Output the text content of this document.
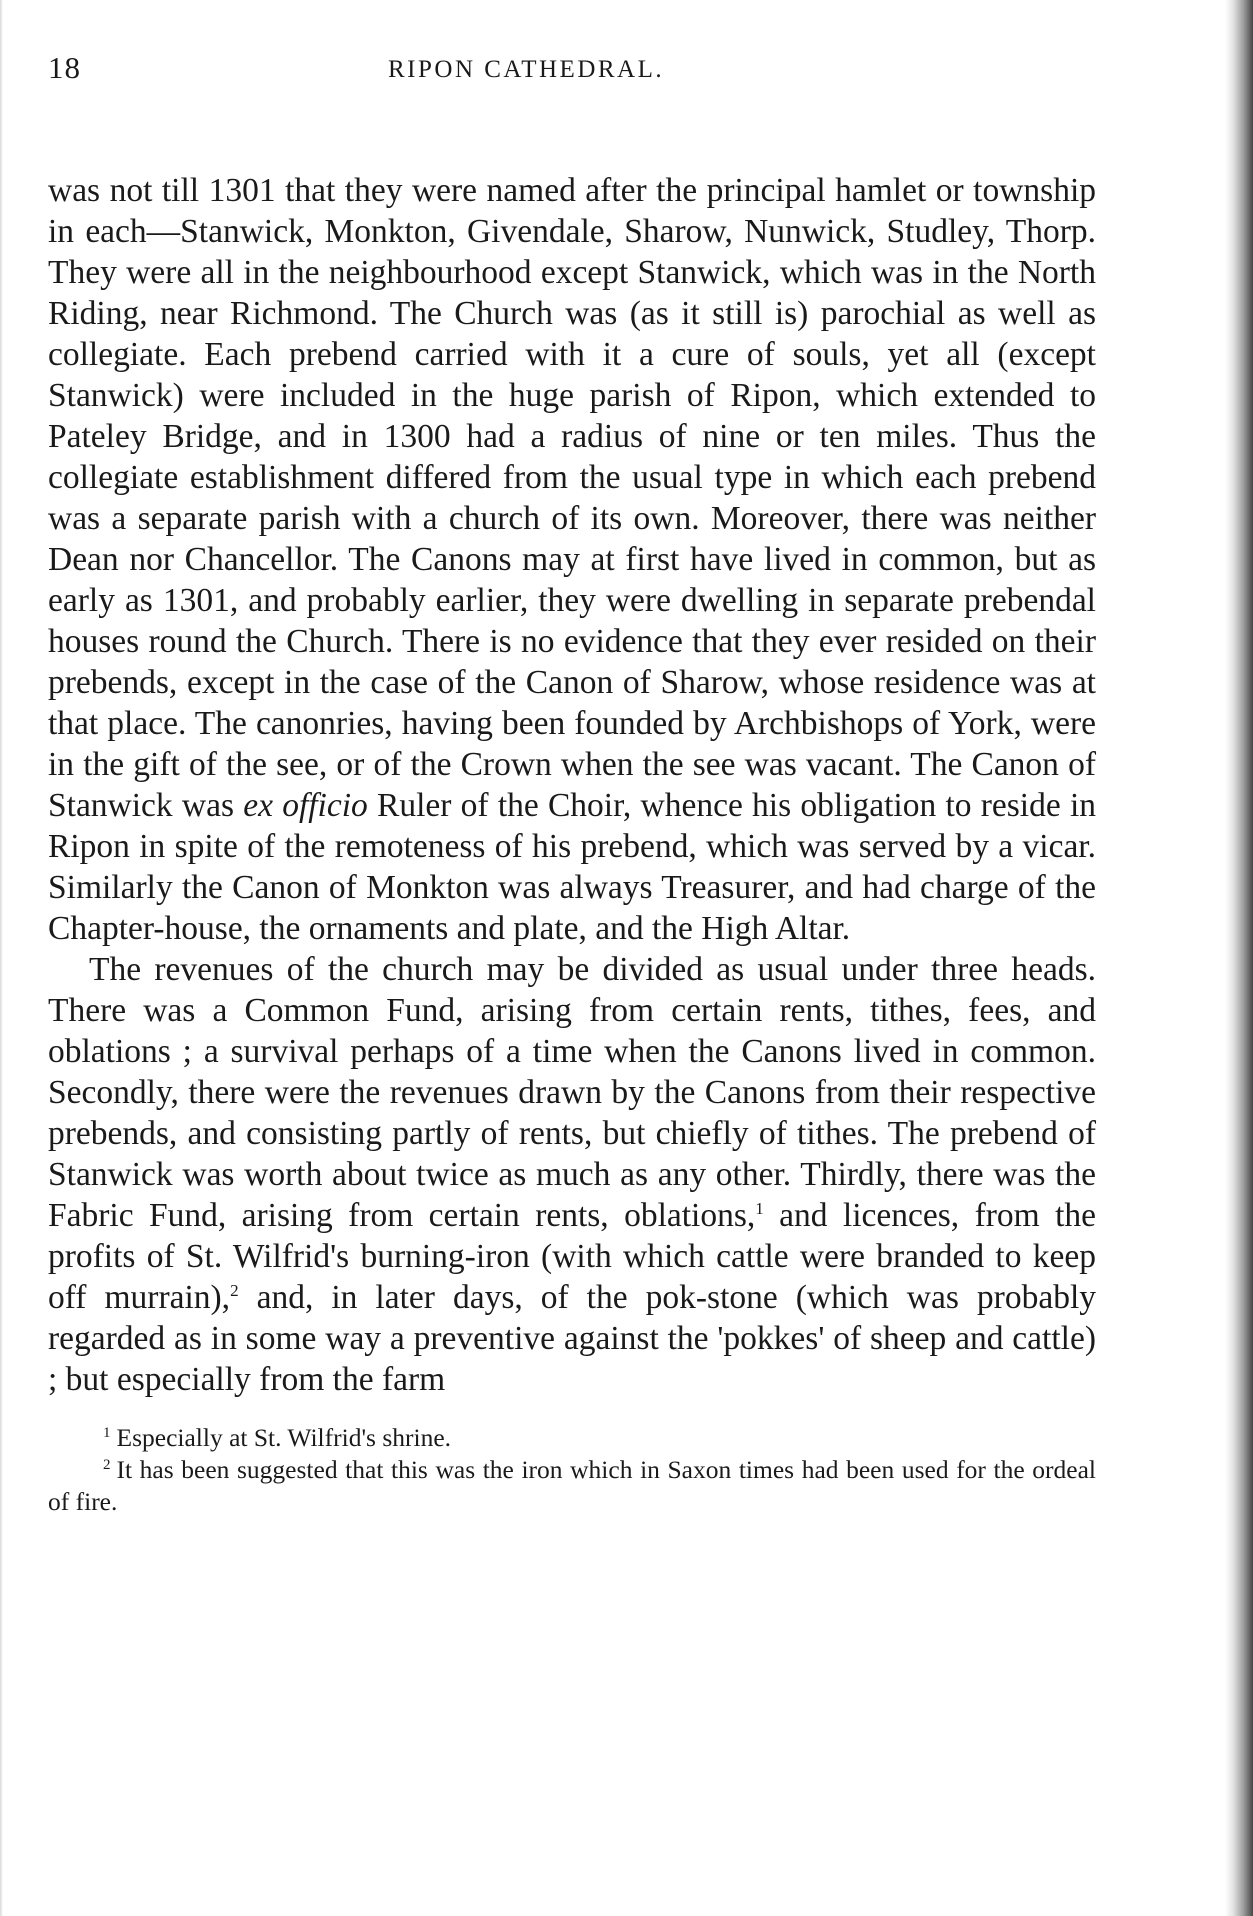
18	RIPON CATHEDRAL.

was not till 1301 that they were named after the principal hamlet or township in each—Stanwick, Monkton, Givendale, Sharow, Nunwick, Studley, Thorp. They were all in the neighbourhood except Stanwick, which was in the North Riding, near Richmond. The Church was (as it still is) parochial as well as collegiate. Each prebend carried with it a cure of souls, yet all (except Stanwick) were included in the huge parish of Ripon, which extended to Pateley Bridge, and in 1300 had a radius of nine or ten miles. Thus the collegiate establishment differed from the usual type in which each prebend was a separate parish with a church of its own. Moreover, there was neither Dean nor Chancellor. The Canons may at first have lived in common, but as early as 1301, and probably earlier, they were dwelling in separate prebendal houses round the Church. There is no evidence that they ever resided on their prebends, except in the case of the Canon of Sharow, whose residence was at that place. The canonries, having been founded by Archbishops of York, were in the gift of the see, or of the Crown when the see was vacant. The Canon of Stanwick was ex officio Ruler of the Choir, whence his obligation to reside in Ripon in spite of the remoteness of his prebend, which was served by a vicar. Similarly the Canon of Monkton was always Treasurer, and had charge of the Chapter-house, the ornaments and plate, and the High Altar.

The revenues of the church may be divided as usual under three heads. There was a Common Fund, arising from certain rents, tithes, fees, and oblations ; a survival perhaps of a time when the Canons lived in common. Secondly, there were the revenues drawn by the Canons from their respective prebends, and consisting partly of rents, but chiefly of tithes. The prebend of Stanwick was worth about twice as much as any other. Thirdly, there was the Fabric Fund, arising from certain rents, oblations,$^1$ and licences, from the profits of St. Wilfrid's burning-iron (with which cattle were branded to keep off murrain),$^2$ and, in later days, of the pok-stone (which was probably regarded as in some way a preventive against the 'pokkes' of sheep and cattle) ; but especially from the farm

$^1$ Especially at St. Wilfrid's shrine.

$^2$ It has been suggested that this was the iron which in Saxon times had been used for the ordeal of fire.
